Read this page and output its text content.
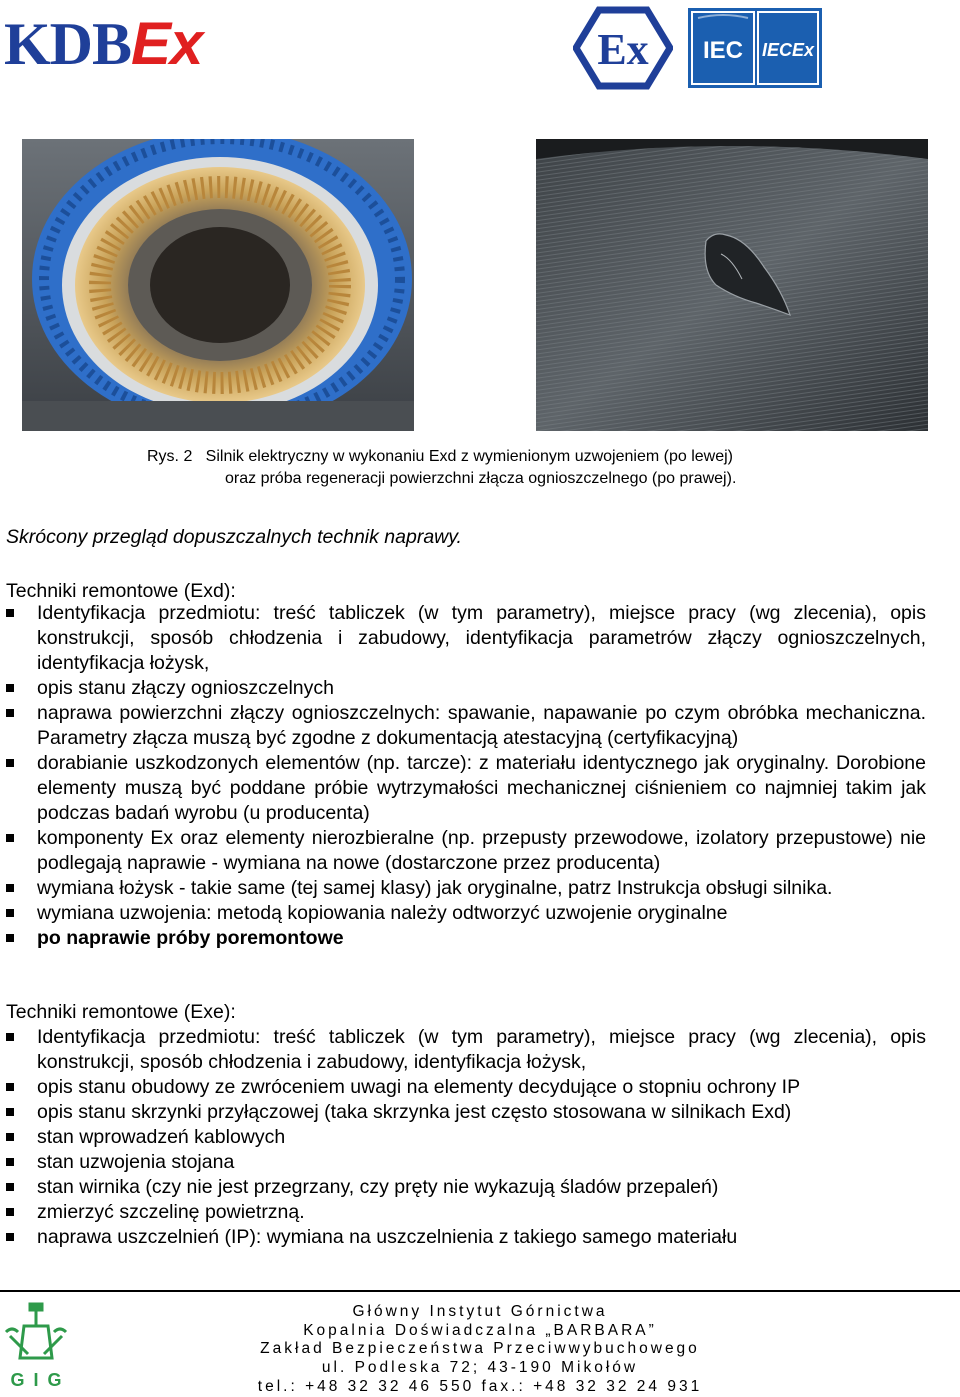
KDBEx	Ex IEC IECEx
Rys. 2   Silnik elektryczny w wykonaniu Exd z wymienionym uzwojeniem (po lewej)
oraz próba regeneracji powierzchni złącza ognioszczelnego (po prawej).
Skrócony przegląd dopuszczalnych technik naprawy.
Techniki remontowe (Exd):
Identyfikacja przedmiotu: treść tabliczek (w tym parametry), miejsce pracy (wg zlecenia), opis konstrukcji, sposób chłodzenia i zabudowy, identyfikacja parametrów złączy ognioszczelnych, identyfikacja łożysk,
opis stanu złączy ognioszczelnych
naprawa powierzchni złączy ognioszczelnych: spawanie, napawanie po czym obróbka mechaniczna. Parametry złącza muszą być zgodne z dokumentacją atestacyjną (certyfikacyjną)
dorabianie uszkodzonych elementów (np. tarcze): z materiału identycznego jak oryginalny. Dorobione elementy muszą być poddane próbie wytrzymałości mechanicznej ciśnieniem co najmniej takim jak podczas badań wyrobu (u producenta)
komponenty Ex oraz elementy nierozbieralne (np. przepusty przewodowe, izolatory przepustowe) nie podlegają naprawie - wymiana na nowe (dostarczone przez producenta)
wymiana łożysk - takie same (tej samej klasy) jak oryginalne, patrz Instrukcja obsługi silnika.
wymiana uzwojenia: metodą kopiowania należy odtworzyć uzwojenie oryginalne
po naprawie próby poremontowe
Techniki remontowe (Exe):
Identyfikacja przedmiotu: treść tabliczek (w tym parametry), miejsce pracy (wg zlecenia), opis konstrukcji, sposób chłodzenia i zabudowy, identyfikacja łożysk,
opis stanu obudowy ze zwróceniem uwagi na elementy decydujące o stopniu ochrony IP
opis stanu skrzynki przyłączowej (taka skrzynka jest często stosowana w silnikach Exd)
stan wprowadzeń kablowych
stan uzwojenia stojana
stan wirnika (czy nie jest przegrzany, czy pręty nie wykazują śladów przepaleń)
zmierzyć szczelinę powietrzną.
naprawa uszczelnień (IP): wymiana na uszczelnienia z takiego samego materiału
G I G
Główny Instytut Górnictwa
Kopalnia Doświadczalna „BARBARA”
Zakład Bezpieczeństwa Przeciwwybuchowego
ul. Podleska 72; 43-190 Mikołów
tel.: +48 32 32 46 550 fax.: +48 32 32 24 931
